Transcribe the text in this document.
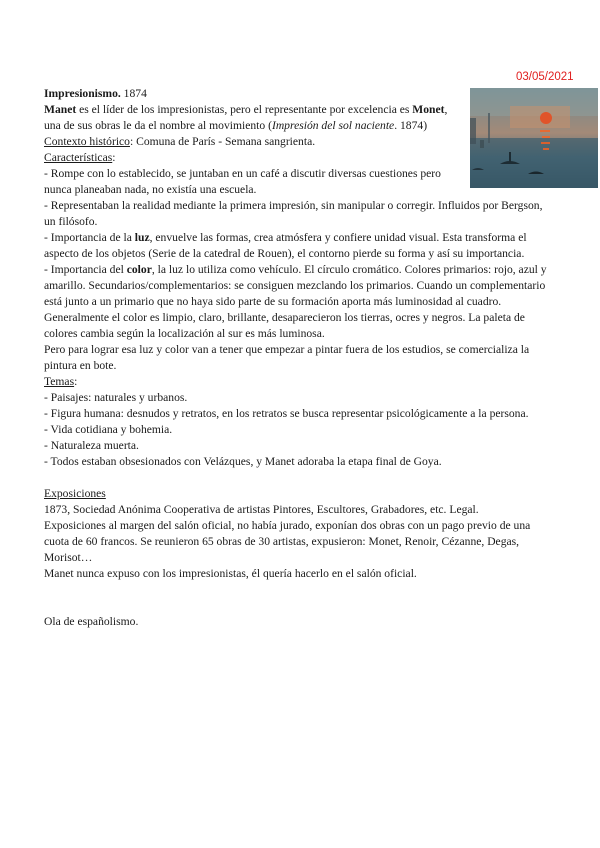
03/05/2021
Impresionismo. 1874
Manet es el líder de los impresionistas, pero el representante por excelencia es Monet,
una de sus obras le da el nombre al movimiento (Impresión del sol naciente. 1874)
Contexto histórico: Comuna de París - Semana sangrienta.
Características:
- Rompe con lo establecido, se juntaban en un café a discutir diversas cuestiones pero
nunca planeaban nada, no existía una escuela.
- Representaban la realidad mediante la primera impresión, sin manipular o corregir. Influidos por Bergson,
un filósofo.
- Importancia de la luz, envuelve las formas, crea atmósfera y confiere unidad visual. Esta transforma el
aspecto de los objetos (Serie de la catedral de Rouen), el contorno pierde su forma y así su importancia.
- Importancia del color, la luz lo utiliza como vehículo. El círculo cromático. Colores primarios: rojo, azul y
amarillo. Secundarios/complementarios: se consiguen mezclando los primarios. Cuando un complementario
está junto a un primario que no haya sido parte de su formación aporta más luminosidad al cuadro.
Generalmente el color es limpio, claro, brillante, desaparecieron los tierras, ocres y negros. La paleta de
colores cambia según la localización al sur es más luminosa.
Pero para lograr esa luz y color van a tener que empezar a pintar fuera de los estudios, se comercializa la
pintura en bote.
Temas:
- Paisajes: naturales y urbanos.
- Figura humana: desnudos y retratos, en los retratos se busca representar psicológicamente a la persona.
- Vida cotidiana y bohemia.
- Naturaleza muerta.
- Todos estaban obsesionados con Velázques, y Manet adoraba la etapa final de Goya.
Exposiciones
1873, Sociedad Anónima Cooperativa de artistas Pintores, Escultores, Grabadores, etc. Legal.
Exposiciones al margen del salón oficial, no había jurado, exponían dos obras con un pago previo de una
cuota de 60 francos. Se reunieron 65 obras de 30 artistas, expusieron: Monet, Renoir, Cézanne, Degas,
Morisot…
Manet nunca expuso con los impresionistas, él quería hacerlo en el salón oficial.
Ola de españolismo.
